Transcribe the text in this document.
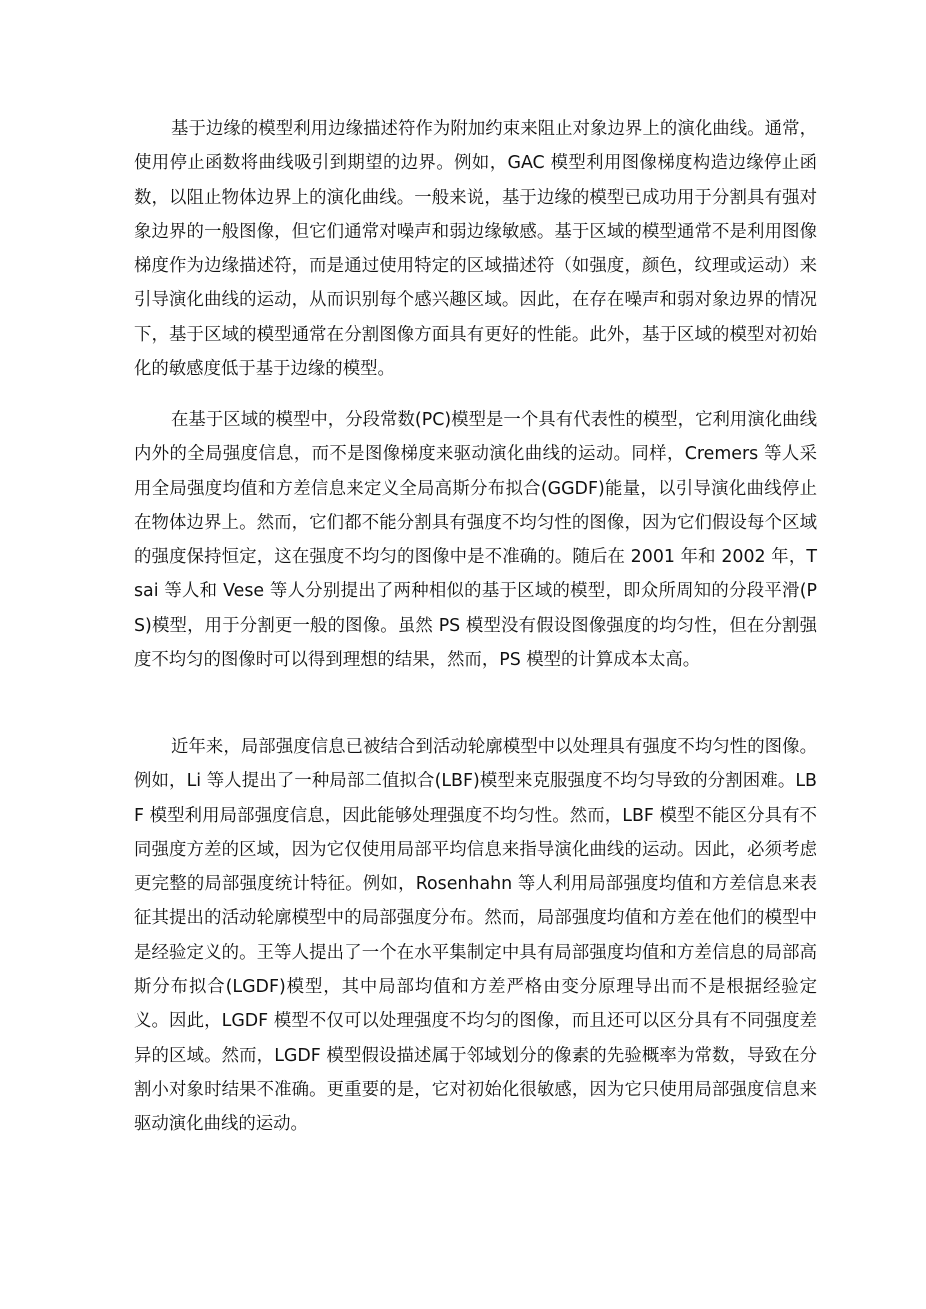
基于边缘的模型利用边缘描述符作为附加约束来阻止对象边界上的演化曲线。通常，使用停止函数将曲线吸引到期望的边界。例如，GAC 模型利用图像梯度构造边缘停止函数，以阻止物体边界上的演化曲线。一般来说，基于边缘的模型已成功用于分割具有强对象边界的一般图像，但它们通常对噪声和弱边缘敏感。基于区域的模型通常不是利用图像梯度作为边缘描述符，而是通过使用特定的区域描述符（如强度，颜色，纹理或运动）来引导演化曲线的运动，从而识别每个感兴趣区域。因此，在存在噪声和弱对象边界的情况下，基于区域的模型通常在分割图像方面具有更好的性能。此外，基于区域的模型对初始化的敏感度低于基于边缘的模型。

在基于区域的模型中，分段常数(PC)模型是一个具有代表性的模型，它利用演化曲线内外的全局强度信息，而不是图像梯度来驱动演化曲线的运动。同样，Cremers 等人采用全局强度均值和方差信息来定义全局高斯分布拟合(GGDF)能量，以引导演化曲线停止在物体边界上。然而，它们都不能分割具有强度不均匀性的图像，因为它们假设每个区域的强度保持恒定，这在强度不均匀的图像中是不准确的。随后在 2001 年和 2002 年，Tsai 等人和 Vese 等人分别提出了两种相似的基于区域的模型，即众所周知的分段平滑(PS)模型，用于分割更一般的图像。虽然 PS 模型没有假设图像强度的均匀性，但在分割强度不均匀的图像时可以得到理想的结果，然而，PS 模型的计算成本太高。

近年来，局部强度信息已被结合到活动轮廓模型中以处理具有强度不均匀性的图像。例如，Li 等人提出了一种局部二值拟合(LBF)模型来克服强度不均匀导致的分割困难。LBF 模型利用局部强度信息，因此能够处理强度不均匀性。然而，LBF 模型不能区分具有不同强度方差的区域，因为它仅使用局部平均信息来指导演化曲线的运动。因此，必须考虑更完整的局部强度统计特征。例如，Rosenhahn 等人利用局部强度均值和方差信息来表征其提出的活动轮廓模型中的局部强度分布。然而，局部强度均值和方差在他们的模型中是经验定义的。王等人提出了一个在水平集制定中具有局部强度均值和方差信息的局部高斯分布拟合(LGDF)模型，其中局部均值和方差严格由变分原理导出而不是根据经验定义。因此，LGDF 模型不仅可以处理强度不均匀的图像，而且还可以区分具有不同强度差异的区域。然而，LGDF 模型假设描述属于邻域划分的像素的先验概率为常数，导致在分割小对象时结果不准确。更重要的是，它对初始化很敏感，因为它只使用局部强度信息来驱动演化曲线的运动。
